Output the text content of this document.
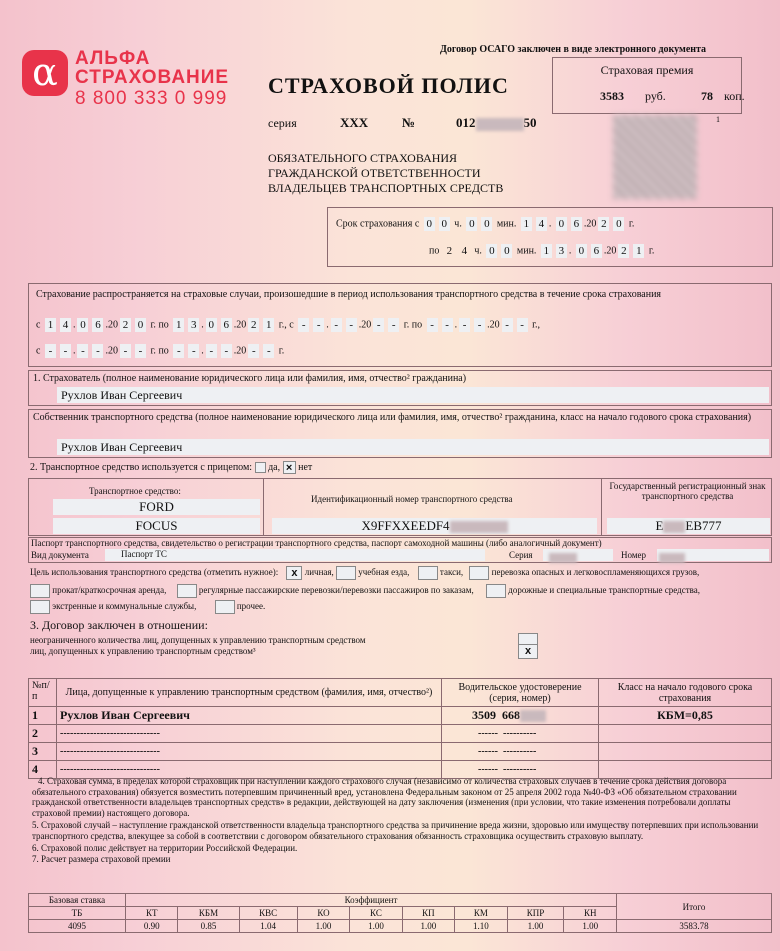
α АЛЬФА
СТРАХОВАНИЕ
8 800 333 0 999
Договор ОСАГО заключен в виде электронного документа
Страховая премия
3583 руб.	78 коп.
СТРАХОВОЙ ПОЛИС
серия	ХХХ	№	012	50
ОБЯЗАТЕЛЬНОГО СТРАХОВАНИЯ
ГРАЖДАНСКОЙ ОТВЕТСТВЕННОСТИ
ВЛАДЕЛЬЦЕВ ТРАНСПОРТНЫХ СРЕДСТВ
1
Срок страхования с 0 0 ч. 0 0 мин. 1 4 . 0 6 .20 2 0 г.
по 2 4 ч. 0 0 мин. 1 3 . 0 6 .20 2 1 г.
Страхование распространяется на страховые случаи, произошедшие в период использования транспортного средства в течение срока страхования
с 1 4 . 0 6 .20 2 0 г. по 1 3 . 0 6 .20 2 1 г., с - - . - - .20 - - г. по - - . - - .20 - - г.,
с - - . - - .20 - - г. по - - . - - .20 - - г.
1. Страхователь (полное наименование юридического лица или фамилия, имя, отчество² гражданина)
Рухлов Иван Сергеевич
Собственник транспортного средства (полное наименование юридического лица или фамилия, имя, отчество² гражданина, класс на начало годового срока страхования)
Рухлов Иван Сергеевич
2. Транспортное средство используется с прицепом: да, × нет
Транспортное средство:
FORD
FOCUS
Идентификационный номер транспортного средства
X9FFXXEEDF4
Государственный регистрационный знак транспортного средства
E EB777
Паспорт транспортного средства, свидетельство о регистрации транспортного средства, паспорт самоходной машины (либо аналогичный документ)
Вид документа	Паспорт ТС	Серия	Номер
Цель использования транспортного средства (отметить нужное): x личная,	учебная езда,	такси,	перевозка опасных и легковоспламеняющихся грузов,
прокат/краткосрочная аренда,	регулярные пассажирские перевозки/перевозки пассажиров по заказам,	дорожные и специальные транспортные средства,
экстренные и коммунальные службы,	прочее.
3. Договор заключен в отношении:
неограниченного количества лиц, допущенных к управлению транспортным средством
лиц, допущенных к управлению транспортным средством³	x
№п/п	Лица, допущенные к управлению транспортным средством (фамилия, имя, отчество²)	Водительское удостоверение (серия, номер)	Класс на начало годового срока страхования
1	Рухлов Иван Сергеевич	3509 668	КБМ=0,85
2	------------------------------	------ ----------	
3	------------------------------	------ ----------	
4	------------------------------	------ ----------	
4. Страховая сумма, в пределах которой страховщик при наступлении каждого страхового случая (независимо от количества страховых случаев в течение срока действия договора обязательного страхования) обязуется возместить потерпевшим причиненный вред, установлена Федеральным законом от 25 апреля 2002 года №40-ФЗ «Об обязательном страховании гражданской ответственности владельцев транспортных средств» в редакции, действующей на дату заключения (изменения (при условии, что такие изменения потребовали доплаты страховой премии) настоящего договора.
5. Страховой случай – наступление гражданской ответственности владельца транспортного средства за причинение вреда жизни, здоровью или имуществу потерпевших при использовании транспортного средства, влекущее за собой в соответствии с договором обязательного страхования обязанность страховщика осуществить страховую выплату.
6. Страховой полис действует на территории Российской Федерации.
7. Расчет размера страховой премии
Базовая ставка	Коэффициент									Итого
ТБ	КТ	КБМ	КВС	КО	КС	КП	КМ	КПР	КН	
4095	0.90	0.85	1.04	1.00	1.00	1.00	1.10	1.00	1.00	3583.78
